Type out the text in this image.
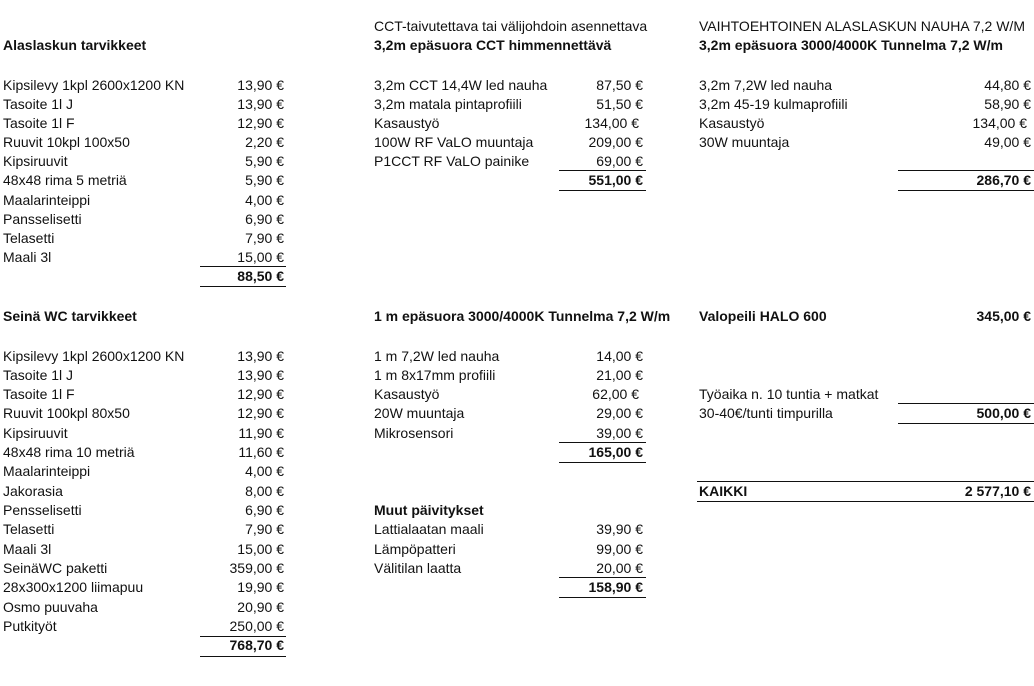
Alaslaskun tarvikkeet
Kipsilevy 1kpl 2600x1200 KN	13,90 €
Tasoite 1l J	13,90 €
Tasoite 1l F	12,90 €
Ruuvit 10kpl 100x50	2,20 €
Kipsiruuvit	5,90 €
48x48 rima 5 metriä	5,90 €
Maalarinteippi	4,00 €
Pansselisetti	6,90 €
Telasetti	7,90 €
Maali 3l	15,00 €
88,50 €
CCT-taivutettava tai välijohdoin asennettava
3,2m epäsuora CCT himmennettävä
3,2m CCT 14,4W led nauha	87,50 €
3,2m matala pintaprofiili	51,50 €
Kasaustyö	134,00 €
100W RF VaLO muuntaja	209,00 €
P1CCT RF VaLO painike	69,00 €
551,00 €
VAIHTOEHTOINEN ALASLASKUN NAUHA 7,2 W/M
3,2m epäsuora 3000/4000K Tunnelma 7,2 W/m
3,2m 7,2W led nauha	44,80 €
3,2m 45-19 kulmaprofiili	58,90 €
Kasaustyö	134,00 €
30W muuntaja	49,00 €
286,70 €
Seinä WC tarvikkeet
Kipsilevy 1kpl 2600x1200 KN	13,90 €
Tasoite 1l J	13,90 €
Tasoite 1l F	12,90 €
Ruuvit 100kpl 80x50	12,90 €
Kipsiruuvit	11,90 €
48x48 rima 10 metriä	11,60 €
Maalarinteippi	4,00 €
Jakorasia	8,00 €
Pensselisetti	6,90 €
Telasetti	7,90 €
Maali 3l	15,00 €
SeinäWC paketti	359,00 €
28x300x1200 liimapuu	19,90 €
Osmo puuvaha	20,90 €
Putkityöt	250,00 €
768,70 €
1 m epäsuora 3000/4000K Tunnelma 7,2 W/m
1 m 7,2W led nauha	14,00 €
1 m 8x17mm profiili	21,00 €
Kasaustyö	62,00 €
20W muuntaja	29,00 €
Mikrosensori	39,00 €
165,00 €
Muut päivitykset
Lattialaatan maali	39,90 €
Lämpöpatteri	99,00 €
Välitilan laatta	20,00 €
158,90 €
Valopeili HALO 600	345,00 €
Työaika n. 10 tuntia + matkat
30-40€/tunti timpurilla	500,00 €
KAIKKI	2 577,10 €
